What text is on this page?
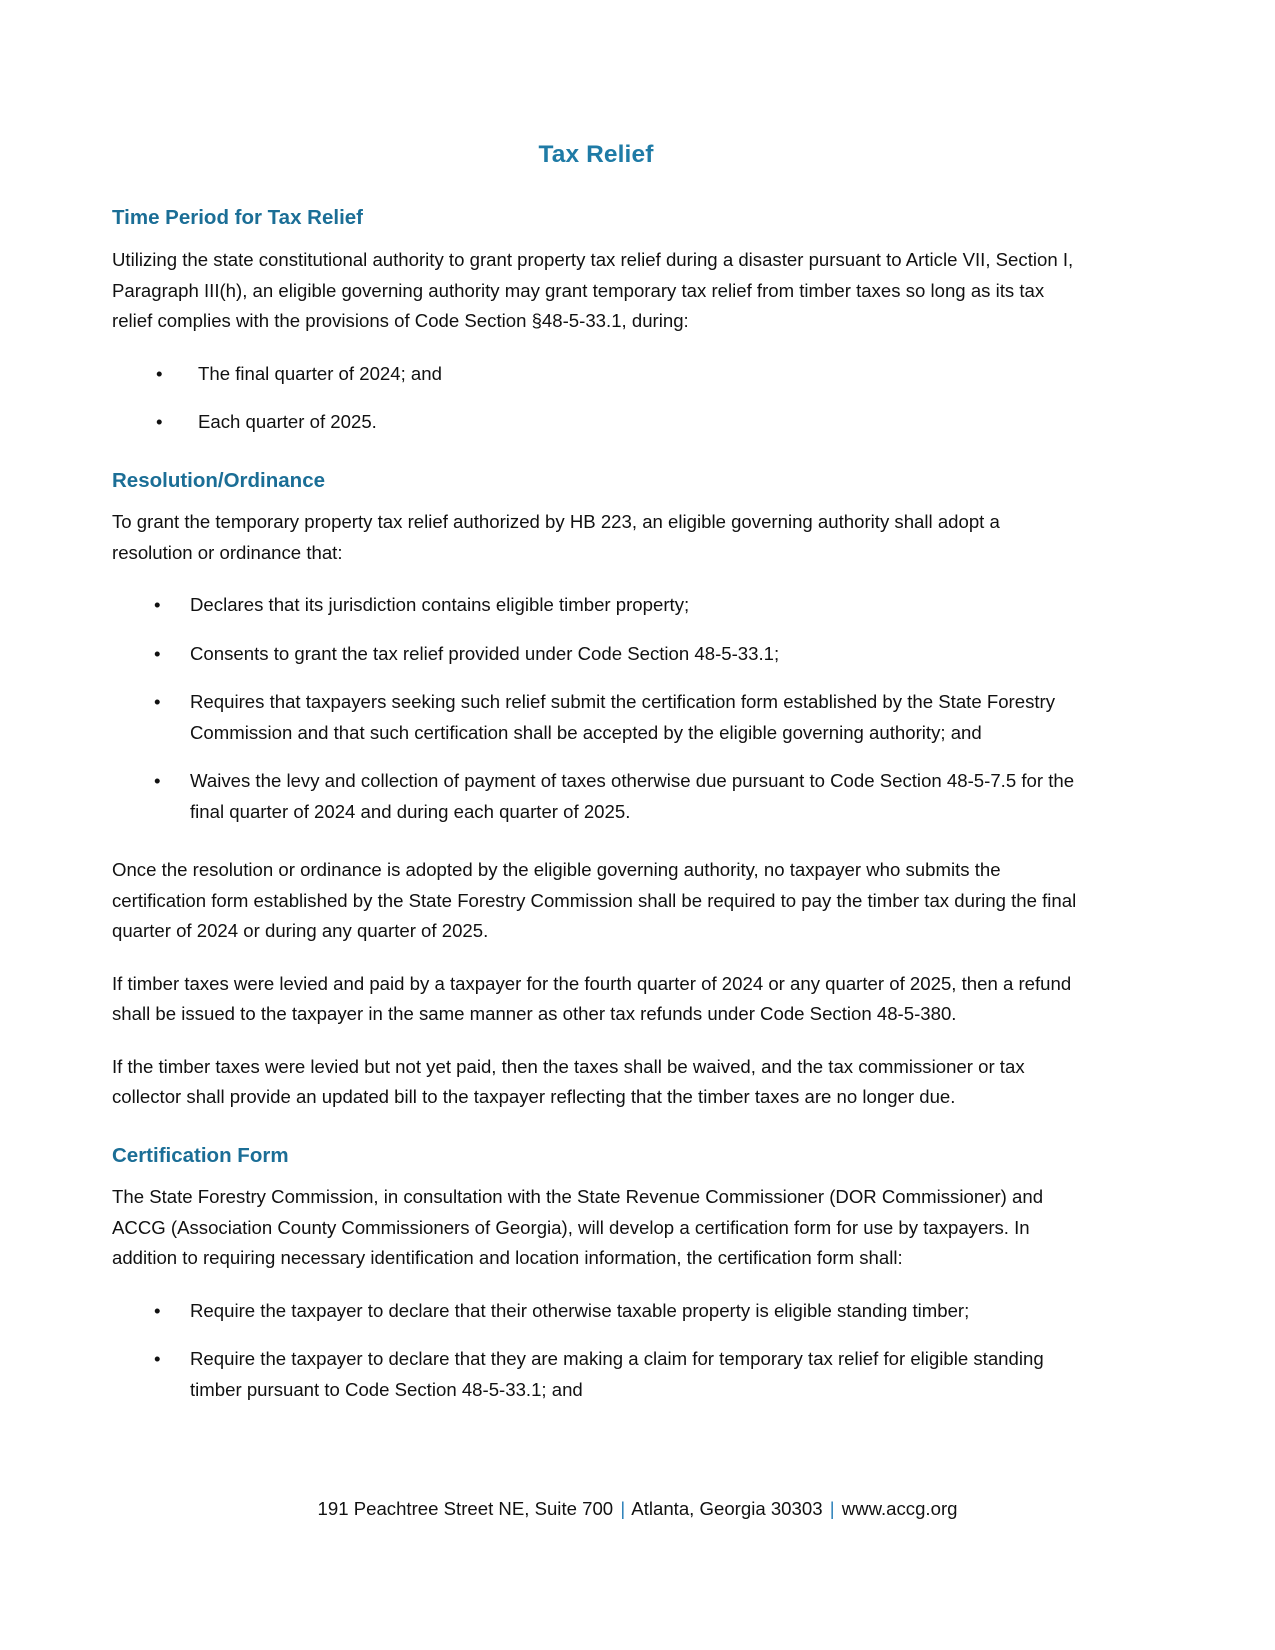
Tax Relief
Time Period for Tax Relief

Utilizing the state constitutional authority to grant property tax relief during a disaster pursuant to Article VII, Section I, Paragraph III(h), an eligible governing authority may grant temporary tax relief from timber taxes so long as its tax relief complies with the provisions of Code Section §48-5-33.1, during:

• The final quarter of 2024; and
• Each quarter of 2025.
Resolution/Ordinance

To grant the temporary property tax relief authorized by HB 223, an eligible governing authority shall adopt a resolution or ordinance that:

• Declares that its jurisdiction contains eligible timber property;
• Consents to grant the tax relief provided under Code Section 48-5-33.1;
• Requires that taxpayers seeking such relief submit the certification form established by the State Forestry Commission and that such certification shall be accepted by the eligible governing authority; and
• Waives the levy and collection of payment of taxes otherwise due pursuant to Code Section 48-5-7.5 for the final quarter of 2024 and during each quarter of 2025.

Once the resolution or ordinance is adopted by the eligible governing authority, no taxpayer who submits the certification form established by the State Forestry Commission shall be required to pay the timber tax during the final quarter of 2024 or during any quarter of 2025.

If timber taxes were levied and paid by a taxpayer for the fourth quarter of 2024 or any quarter of 2025, then a refund shall be issued to the taxpayer in the same manner as other tax refunds under Code Section 48-5-380.

If the timber taxes were levied but not yet paid, then the taxes shall be waived, and the tax commissioner or tax collector shall provide an updated bill to the taxpayer reflecting that the timber taxes are no longer due.

Certification Form

The State Forestry Commission, in consultation with the State Revenue Commissioner (DOR Commissioner) and ACCG (Association County Commissioners of Georgia), will develop a certification form for use by taxpayers. In addition to requiring necessary identification and location information, the certification form shall:

• Require the taxpayer to declare that their otherwise taxable property is eligible standing timber;
• Require the taxpayer to declare that they are making a claim for temporary tax relief for eligible standing timber pursuant to Code Section 48-5-33.1; and
191 Peachtree Street NE, Suite 700 | Atlanta, Georgia 30303 | www.accg.org
